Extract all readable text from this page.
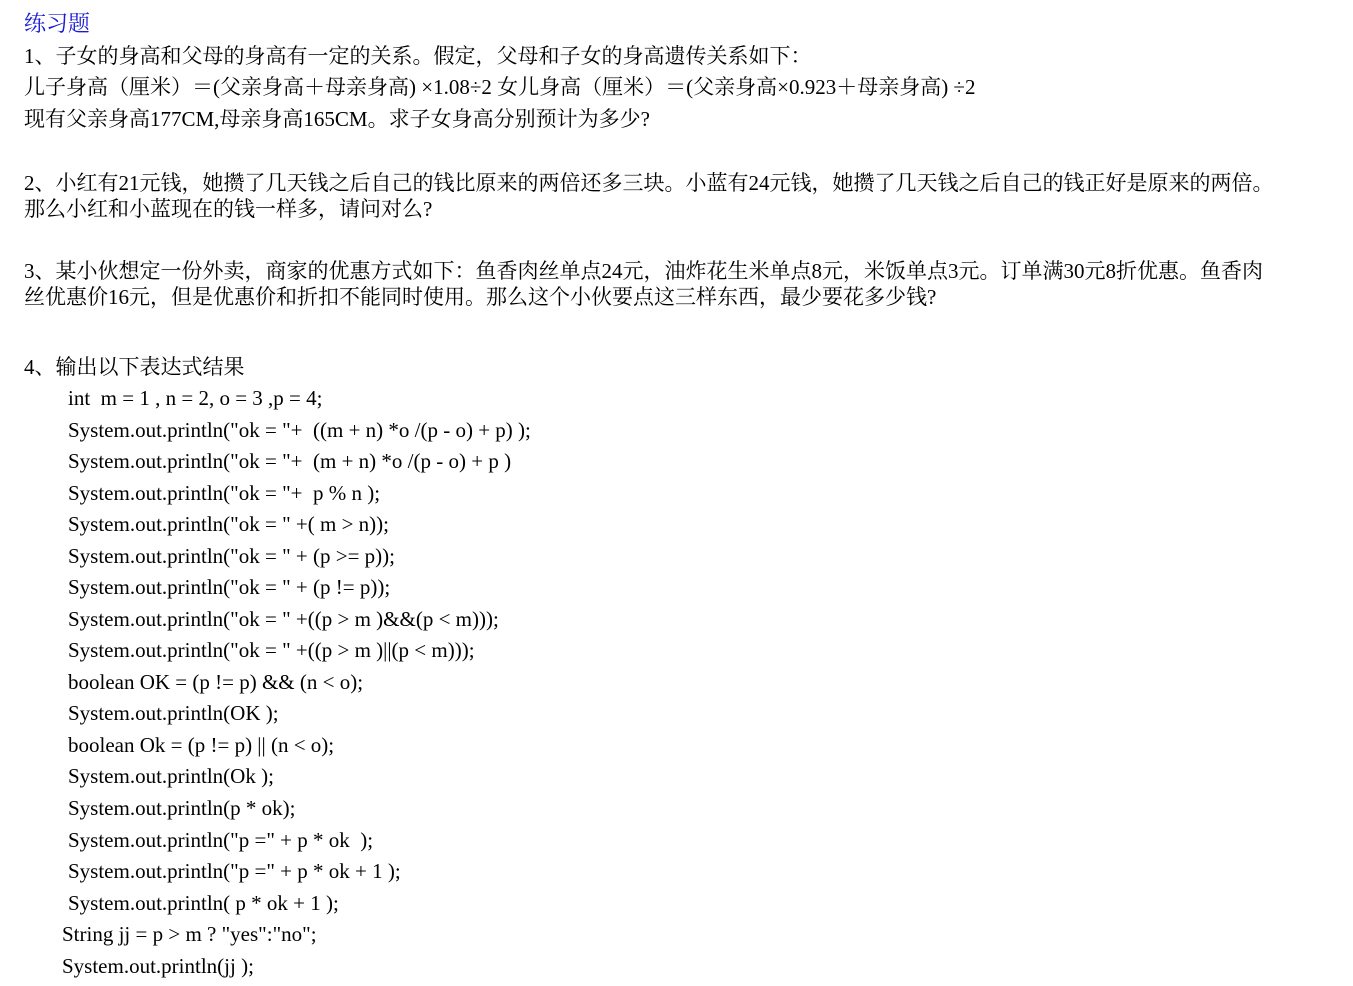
练习题
1、子女的身高和父母的身高有一定的关系。假定，父母和子女的身高遗传关系如下：
儿子身高（厘米）＝(父亲身高＋母亲身高) ×1.08÷2 女儿身高（厘米）＝(父亲身高×0.923＋母亲身高) ÷2
现有父亲身高177CM,母亲身高165CM。求子女身高分别预计为多少?
2、小红有21元钱，她攒了几天钱之后自己的钱比原来的两倍还多三块。小蓝有24元钱，她攒了几天钱之后自己的钱正好是原来的两倍。
那么小红和小蓝现在的钱一样多，请问对么?
3、某小伙想定一份外卖，商家的优惠方式如下：鱼香肉丝单点24元，油炸花生米单点8元，米饭单点3元。订单满30元8折优惠。鱼香肉
丝优惠价16元，但是优惠价和折扣不能同时使用。那么这个小伙要点这三样东西，最少要花多少钱?
4、输出以下表达式结果
int  m = 1 , n = 2, o = 3 ,p = 4;
System.out.println("ok = "+  ((m + n) *o /(p - o) + p) );
System.out.println("ok = "+  (m + n) *o /(p - o) + p )
System.out.println("ok = "+  p % n );
System.out.println("ok = " +( m > n));
System.out.println("ok = " + (p >= p));
System.out.println("ok = " + (p != p));
System.out.println("ok = " +((p > m )&&(p < m)));
System.out.println("ok = " +((p > m )||(p < m)));
boolean OK = (p != p) && (n < o);
System.out.println(OK );
boolean Ok = (p != p) || (n < o);
System.out.println(Ok );
System.out.println(p * ok);
System.out.println("p =" + p * ok  );
System.out.println("p =" + p * ok + 1 );
System.out.println( p * ok + 1 );
String jj = p > m ? "yes":"no";
System.out.println(jj );
